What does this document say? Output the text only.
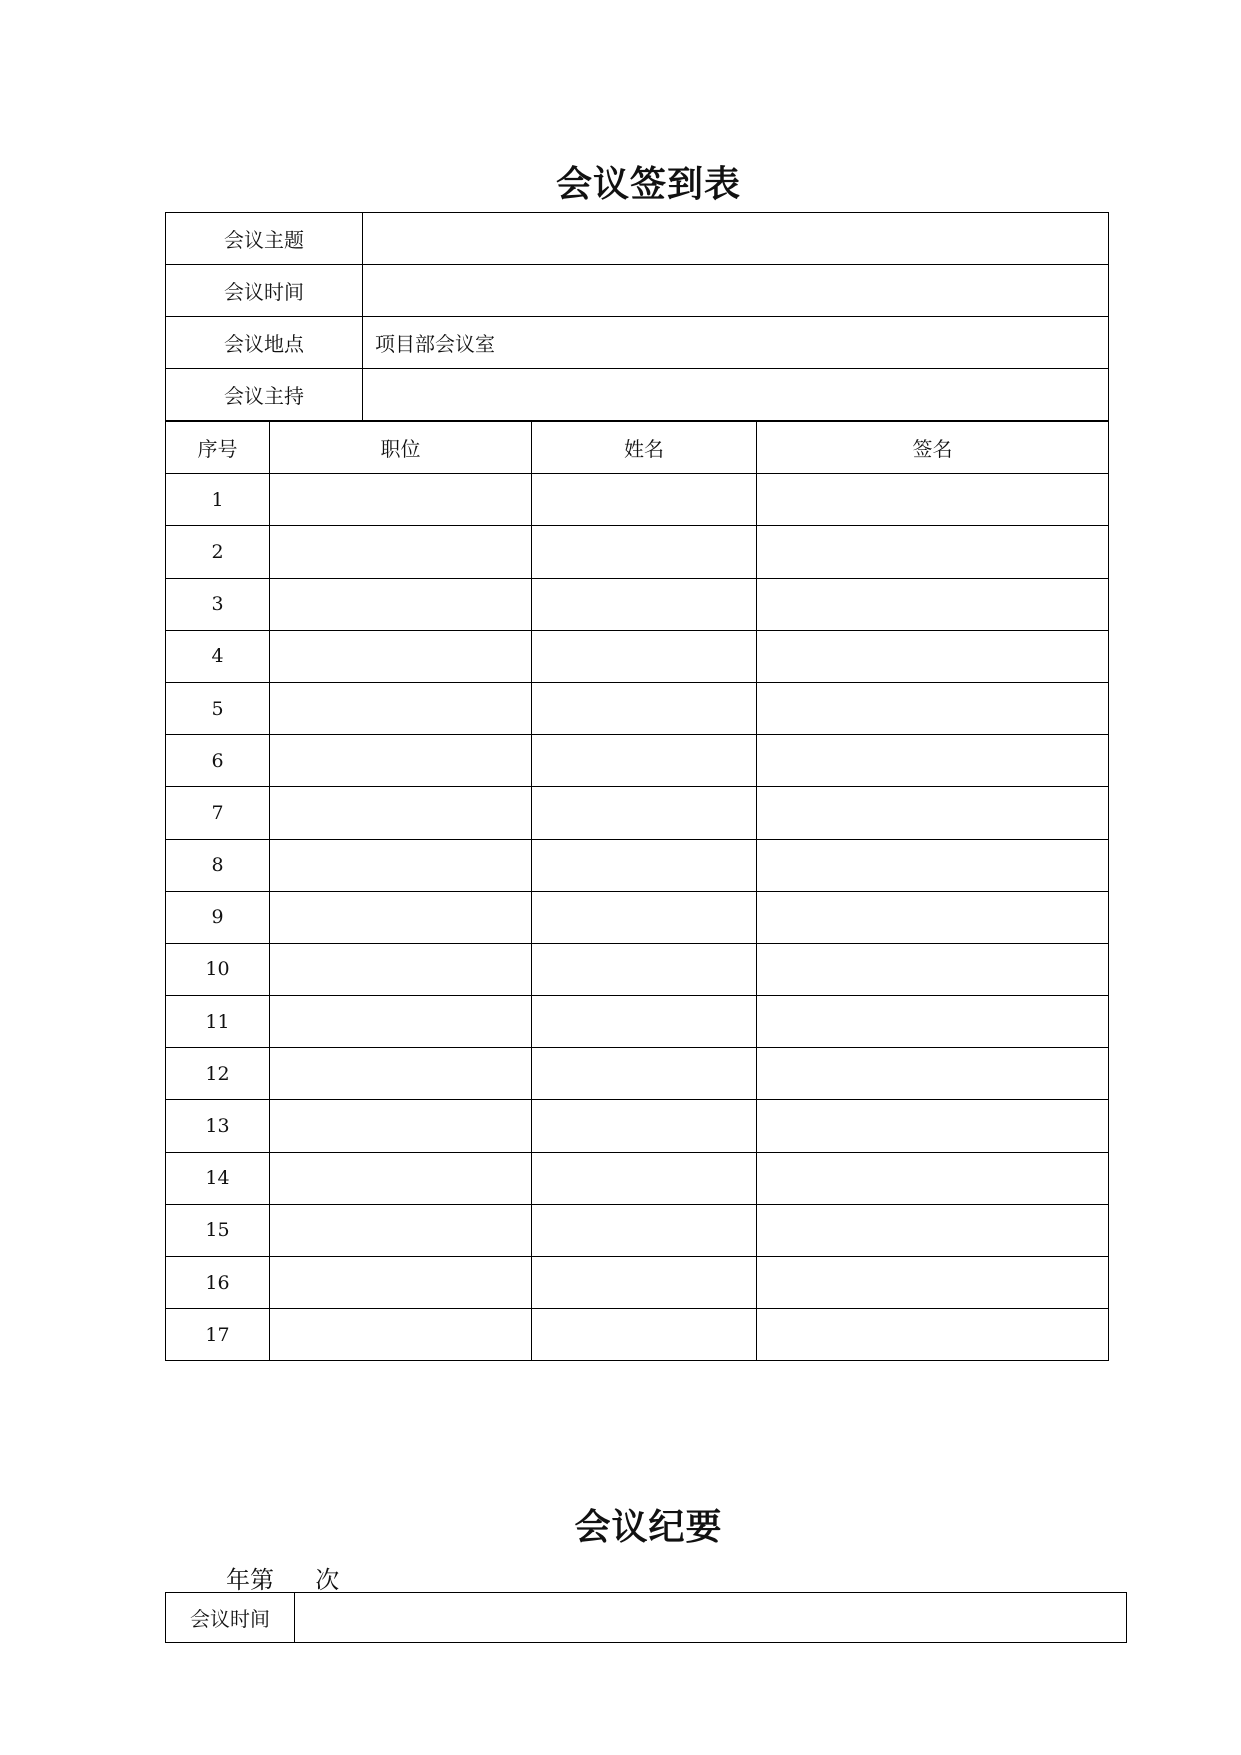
会议签到表
会议主题	
会议时间	
会议地点	项目部会议室
会议主持	
序号	职位	姓名	签名
1			
2			
3			
4			
5			
6			
7			
8			
9			
10			
11			
12			
13			
14			
15			
16			
17			
会议纪要
年第 次
会议时间	
